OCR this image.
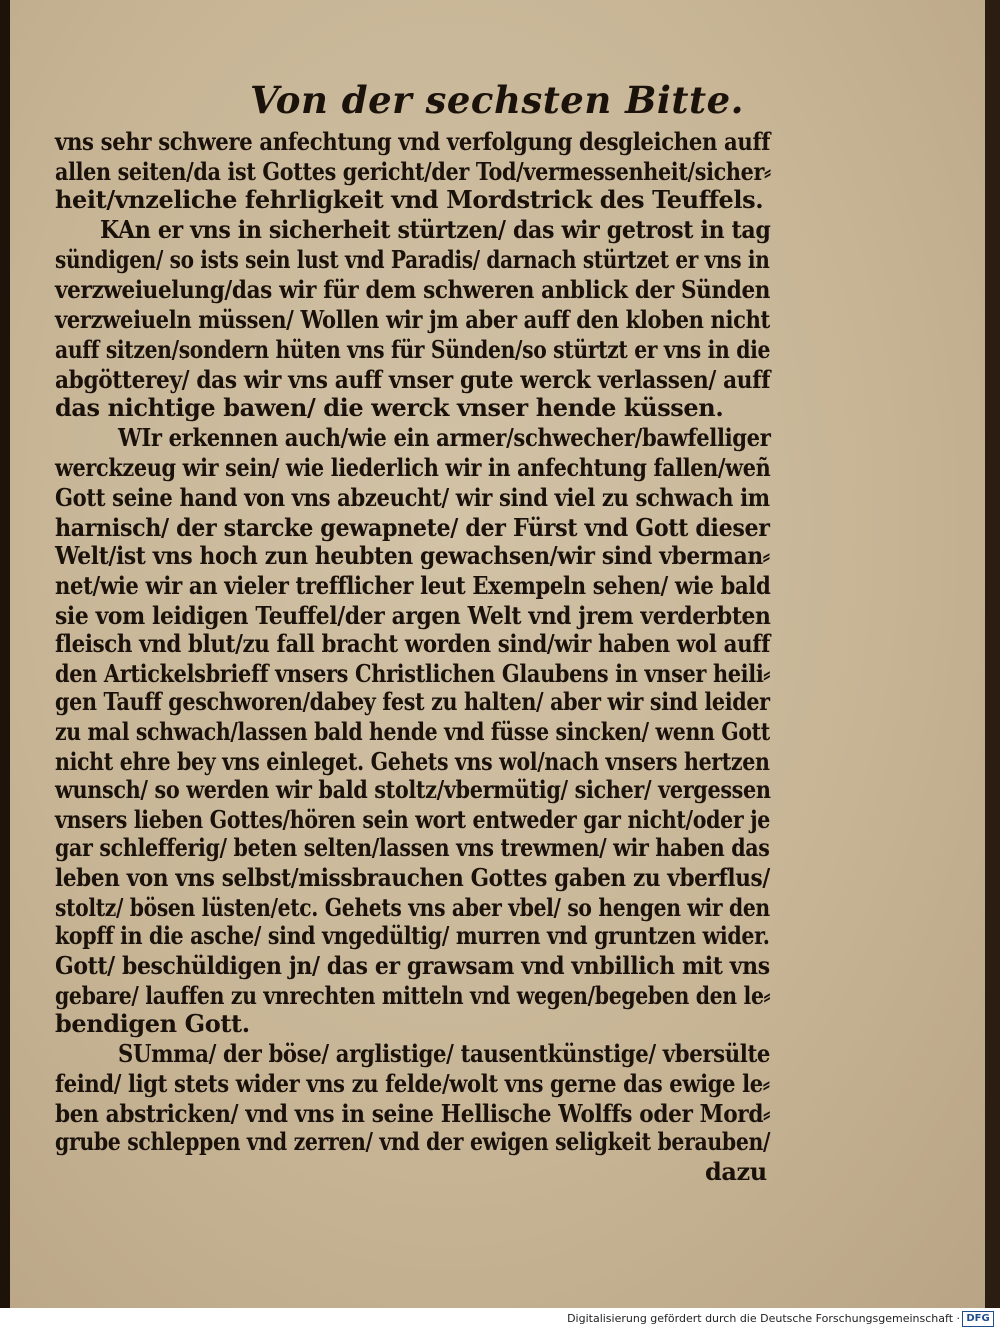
Von der sechsten Bitte.
vns sehr schwere anfechtung vnd verfolgung desgleichen auff
allen seiten/da ist Gottes gericht/der Tod/vermessenheit/sicher⸗
heit/vnzeliche fehrligkeit vnd Mordstrick des Teuffels.
KAn er vns in sicherheit stürtzen/ das wir getrost in tag
sündigen/ so ists sein lust vnd Paradis/ darnach stürtzet er vns in
verzweiuelung/das wir für dem schweren anblick der Sünden
verzweiueln müssen/ Wollen wir jm aber auff den kloben nicht
auff sitzen/sondern hüten vns für Sünden/so stürtzt er vns in die
abgötterey/ das wir vns auff vnser gute werck verlassen/ auff
das nichtige bawen/ die werck vnser hende küssen.
WIr erkennen auch/wie ein armer/schwecher/bawfelliger
werckzeug wir sein/ wie liederlich wir in anfechtung fallen/weñ
Gott seine hand von vns abzeucht/ wir sind viel zu schwach im
harnisch/ der starcke gewapnete/ der Fürst vnd Gott dieser
Welt/ist vns hoch zun heubten gewachsen/wir sind vberman⸗
net/wie wir an vieler trefflicher leut Exempeln sehen/ wie bald
sie vom leidigen Teuffel/der argen Welt vnd jrem verderbten
fleisch vnd blut/zu fall bracht worden sind/wir haben wol auff
den Artickelsbrieff vnsers Christlichen Glaubens in vnser heili⸗
gen Tauff geschworen/dabey fest zu halten/ aber wir sind leider
zu mal schwach/lassen bald hende vnd füsse sincken/ wenn Gott
nicht ehre bey vns einleget. Gehets vns wol/nach vnsers hertzen
wunsch/ so werden wir bald stoltz/vbermütig/ sicher/ vergessen
vnsers lieben Gottes/hören sein wort entweder gar nicht/oder je
gar schlefferig/ beten selten/lassen vns trewmen/ wir haben das
leben von vns selbst/missbrauchen Gottes gaben zu vberflus/
stoltz/ bösen lüsten/etc. Gehets vns aber vbel/ so hengen wir den
kopff in die asche/ sind vngedültig/ murren vnd gruntzen wider.
Gott/ beschüldigen jn/ das er grawsam vnd vnbillich mit vns
gebare/ lauffen zu vnrechten mitteln vnd wegen/begeben den le⸗
bendigen Gott.
SUmma/ der böse/ arglistige/ tausentkünstige/ vbersülte
feind/ ligt stets wider vns zu felde/wolt vns gerne das ewige le⸗
ben abstricken/ vnd vns in seine Hellische Wolffs oder Mord⸗
grube schleppen vnd zerren/ vnd der ewigen seligkeit berauben/
dazu
Digitalisierung gefördert durch die Deutsche Forschungsgemeinschaft · DFG
